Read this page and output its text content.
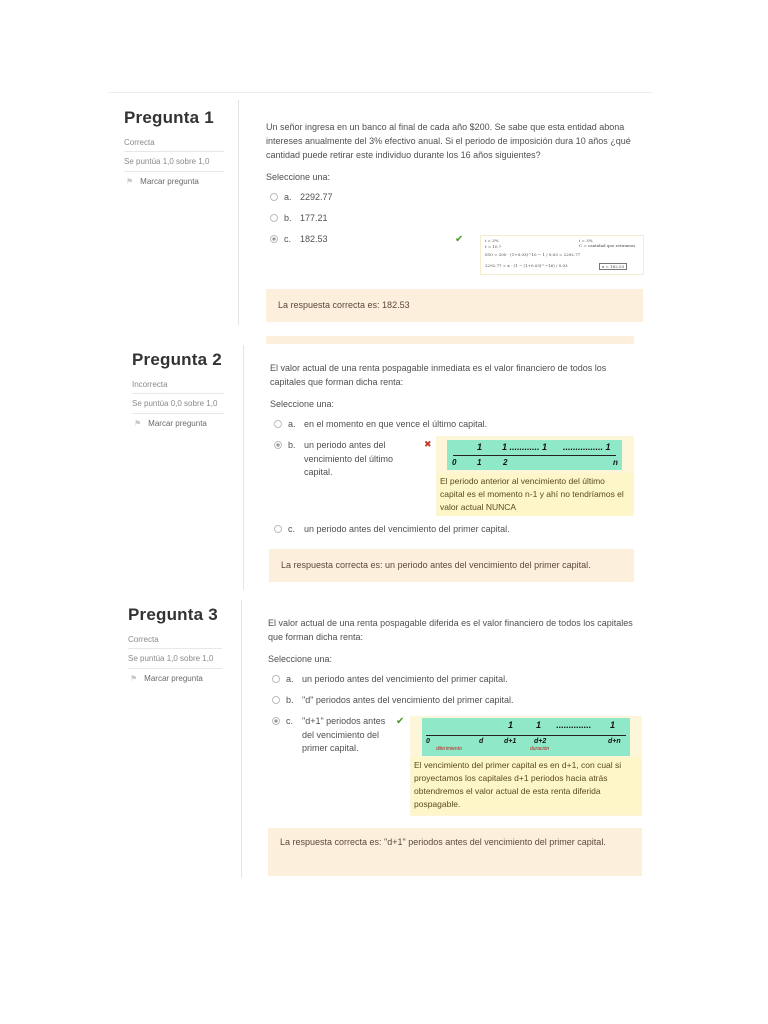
Pregunta 1
Correcta
Se puntúa 1,0 sobre 1,0
⚑ Marcar pregunta
Un señor ingresa en un banco al final de cada año $200. Se sabe que esta entidad abona intereses anualmente del 3% efectivo anual. Si el periodo de imposición dura 10 años ¿qué cantidad puede retirar este individuo durante los 16 años siguientes?
Seleccione una:
a. 2292.77
b. 177.21
c. 182.53	✔	i = 3%
t = 10 ?
S10 = 200 · (1+0.03)^10 − 1 / 0.03 = 2292.77
2292.77 = x · (1 − (1+0.03)^−16) / 0.03
i = 3%
C = cantidad que retiramos
x = 182.53
La respuesta correcta es: 182.53
Pregunta 2
Incorrecta
Se puntúa 0,0 sobre 1,0
⚑ Marcar pregunta
El valor actual de una renta pospagable inmediata es el valor financiero de todos los capitales que forman dicha renta:
Seleccione una:
a. en el momento en que vence el último capital.
b. un periodo antes del vencimiento del último capital.
c. un periodo antes del vencimiento del primer capital.
✖	1 1 ............ 1 ................ 1
0	1	2	n
El periodo anterior al vencimiento del último capital es el momento n-1 y ahí no tendríamos el valor actual NUNCA
La respuesta correcta es: un periodo antes del vencimiento del primer capital.
Pregunta 3
Correcta
Se puntúa 1,0 sobre 1,0
⚑ Marcar pregunta
El valor actual de una renta pospagable diferida es el valor financiero de todos los capitales que forman dicha renta:
Seleccione una:
a. un periodo antes del vencimiento del primer capital.
b. "d" periodos antes del vencimiento del primer capital.
c. "d+1" periodos antes del vencimiento del primer capital.
✔	1	1 .............. 1
0	d	d+1	d+2	d+n
diferimiento	duración
El vencimiento del primer capital es en d+1, con cual si proyectamos los capitales d+1 periodos hacia atrás obtendremos el valor actual de esta renta diferida pospagable.
La respuesta correcta es: "d+1" periodos antes del vencimiento del primer capital.
